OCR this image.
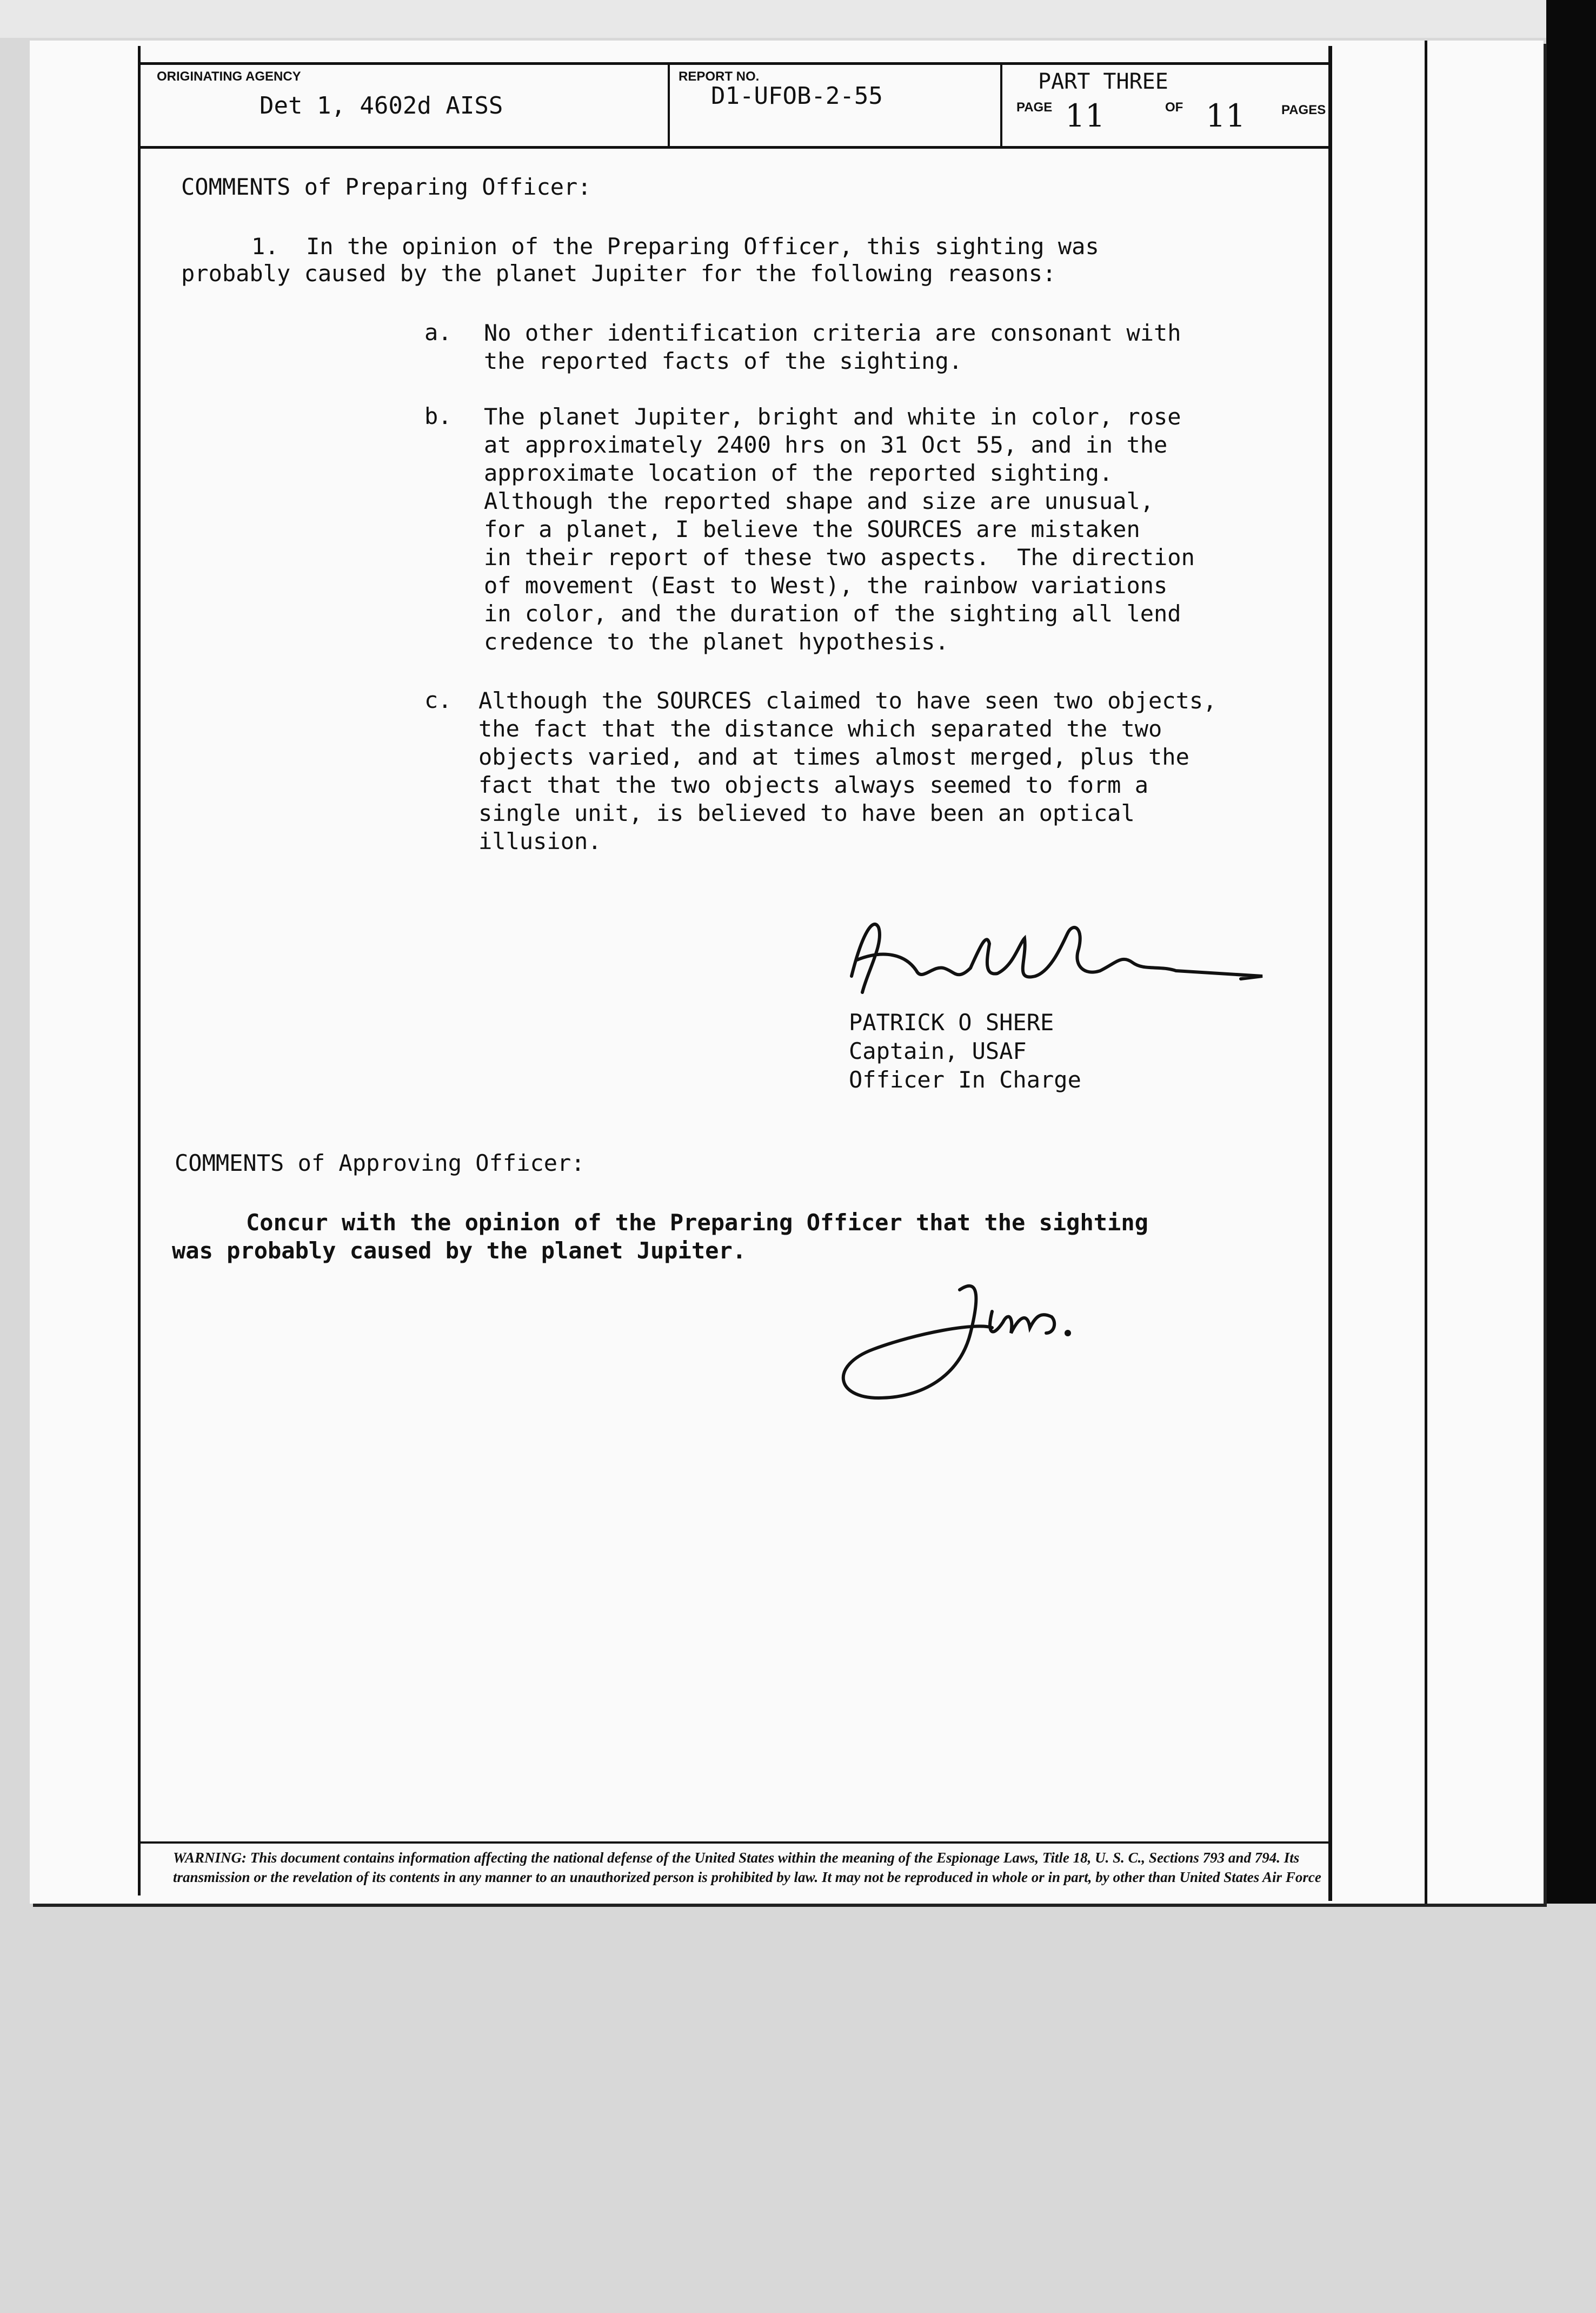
ORIGINATING AGENCY
Det 1, 4602d AISS
REPORT NO.
D1-UFOB-2-55
PART THREE
PAGE 11	OF 11	PAGES
COMMENTS of Preparing Officer:
1.  In the opinion of the Preparing Officer, this sighting was
probably caused by the planet Jupiter for the following reasons:
a. No other identification criteria are consonant with
the reported facts of the sighting.
b. The planet Jupiter, bright and white in color, rose
at approximately 2400 hrs on 31 Oct 55, and in the
approximate location of the reported sighting.
Although the reported shape and size are unusual,
for a planet, I believe the SOURCES are mistaken
in their report of these two aspects.  The direction
of movement (East to West), the rainbow variations
in color, and the duration of the sighting all lend
credence to the planet hypothesis.
c. Although the SOURCES claimed to have seen two objects,
the fact that the distance which separated the two
objects varied, and at times almost merged, plus the
fact that the two objects always seemed to form a
single unit, is believed to have been an optical
illusion.
PATRICK O SHERE
Captain, USAF
Officer In Charge
COMMENTS of Approving Officer:
Concur with the opinion of the Preparing Officer that the sighting
was probably caused by the planet Jupiter.
WARNING: This document contains information affecting the national defense of the United States within the meaning of the Espionage Laws, Title 18, U. S. C., Sections 793 and 794. Its transmission or the revelation of its contents in any manner to an unauthorized person is prohibited by law. It may not be reproduced in whole or in part, by other than United States Air Force
